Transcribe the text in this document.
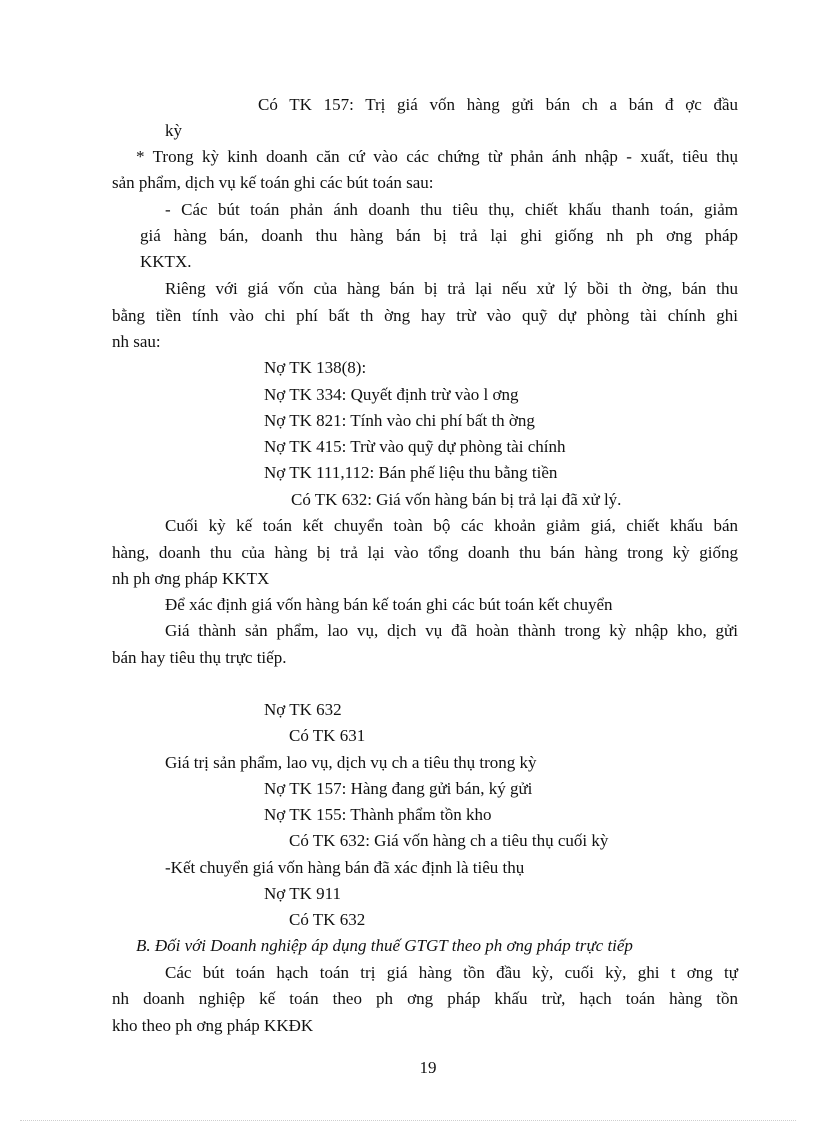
Có TK 157: Trị giá vốn hàng gửi bán ch a bán đ ợc đầu
kỳ
* Trong kỳ kinh doanh căn cứ vào các chứng từ phản ánh nhập - xuất, tiêu thụ
sản phẩm, dịch vụ kế toán ghi các bút toán sau:
- Các bút toán phản ánh doanh thu tiêu thụ, chiết khấu thanh toán, giảm
giá hàng bán, doanh thu hàng bán bị trả lại ghi giống nh ph ơng pháp
KKTX.
Riêng với giá vốn của hàng bán bị trả lại nếu xử lý bồi th ờng, bán thu
bằng tiền tính vào chi phí bất th ờng hay trừ vào quỹ dự phòng tài chính ghi
nh sau:
Nợ TK 138(8):
Nợ TK 334: Quyết định trừ vào l ơng
Nợ TK 821: Tính vào chi phí bất th ờng
Nợ TK 415: Trừ vào quỹ dự phòng tài chính
Nợ TK 111,112: Bán phế liệu thu bằng tiền
Có TK 632: Giá vốn hàng bán bị trả lại đã xử lý.
Cuối kỳ kế toán kết chuyển toàn bộ các khoản giảm giá, chiết khấu bán
hàng, doanh thu của hàng bị trả lại vào tổng doanh thu bán hàng trong kỳ giống
nh ph ơng pháp KKTX
Để xác định giá vốn hàng bán kế toán ghi các bút toán kết chuyển
Giá thành sản phẩm, lao vụ, dịch vụ đã hoàn thành trong kỳ nhập kho, gửi
bán hay tiêu thụ trực tiếp.
Nợ TK 632
Có TK 631
Giá trị sản phẩm, lao vụ, dịch vụ ch a tiêu thụ trong kỳ
Nợ TK 157: Hàng đang gửi bán, ký gửi
Nợ TK 155: Thành phẩm tồn kho
Có TK 632: Giá vốn hàng ch a tiêu thụ cuối kỳ
-Kết chuyển giá vốn hàng bán đã xác định là tiêu thụ
Nợ TK 911
Có TK 632
B. Đối với Doanh nghiệp áp dụng thuế GTGT theo ph ơng pháp trực tiếp
Các bút toán hạch toán trị giá hàng tồn đầu kỳ, cuối kỳ, ghi t ơng tự
nh doanh nghiệp kế toán theo ph ơng pháp khấu trừ, hạch toán hàng tồn
kho theo ph ơng pháp KKĐK
19
